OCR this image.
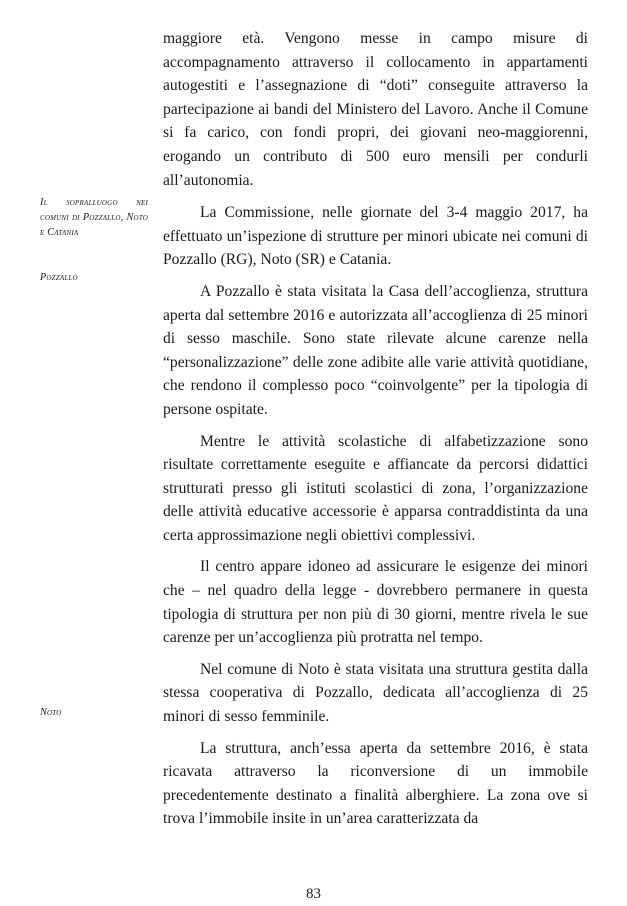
Il sopralluogo nei comuni di Pozzallo, Noto e Catania
Pozzallo
Noto

maggiore età. Vengono messe in campo misure di accompagnamento attraverso il collocamento in appartamenti autogestiti e l’assegnazione di “doti” conseguite attraverso la partecipazione ai bandi del Ministero del Lavoro. Anche il Comune si fa carico, con fondi propri, dei giovani neo-maggiorenni, erogando un contributo di 500 euro mensili per condurli all’autonomia.

La Commissione, nelle giornate del 3-4 maggio 2017, ha effettuato un’ispezione di strutture per minori ubicate nei comuni di Pozzallo (RG), Noto (SR) e Catania.

A Pozzallo è stata visitata la Casa dell’accoglienza, struttura aperta dal settembre 2016 e autorizzata all’accoglienza di 25 minori di sesso maschile. Sono state rilevate alcune carenze nella “personalizzazione” delle zone adibite alle varie attività quotidiane, che rendono il complesso poco “coinvolgente” per la tipologia di persone ospitate.

Mentre le attività scolastiche di alfabetizzazione sono risultate correttamente eseguite e affiancate da percorsi didattici strutturati presso gli istituti scolastici di zona, l’organizzazione delle attività educative accessorie è apparsa contraddistinta da una certa approssimazione negli obiettivi complessivi.

Il centro appare idoneo ad assicurare le esigenze dei minori che – nel quadro della legge - dovrebbero permanere in questa tipologia di struttura per non più di 30 giorni, mentre rivela le sue carenze per un’accoglienza più protratta nel tempo.

Nel comune di Noto è stata visitata una struttura gestita dalla stessa cooperativa di Pozzallo, dedicata all’accoglienza di 25 minori di sesso femminile.

La struttura, anch’essa aperta da settembre 2016, è stata ricavata attraverso la riconversione di un immobile precedentemente destinato a finalità alberghiere. La zona ove si trova l’immobile insite in un’area caratterizzata da

83
